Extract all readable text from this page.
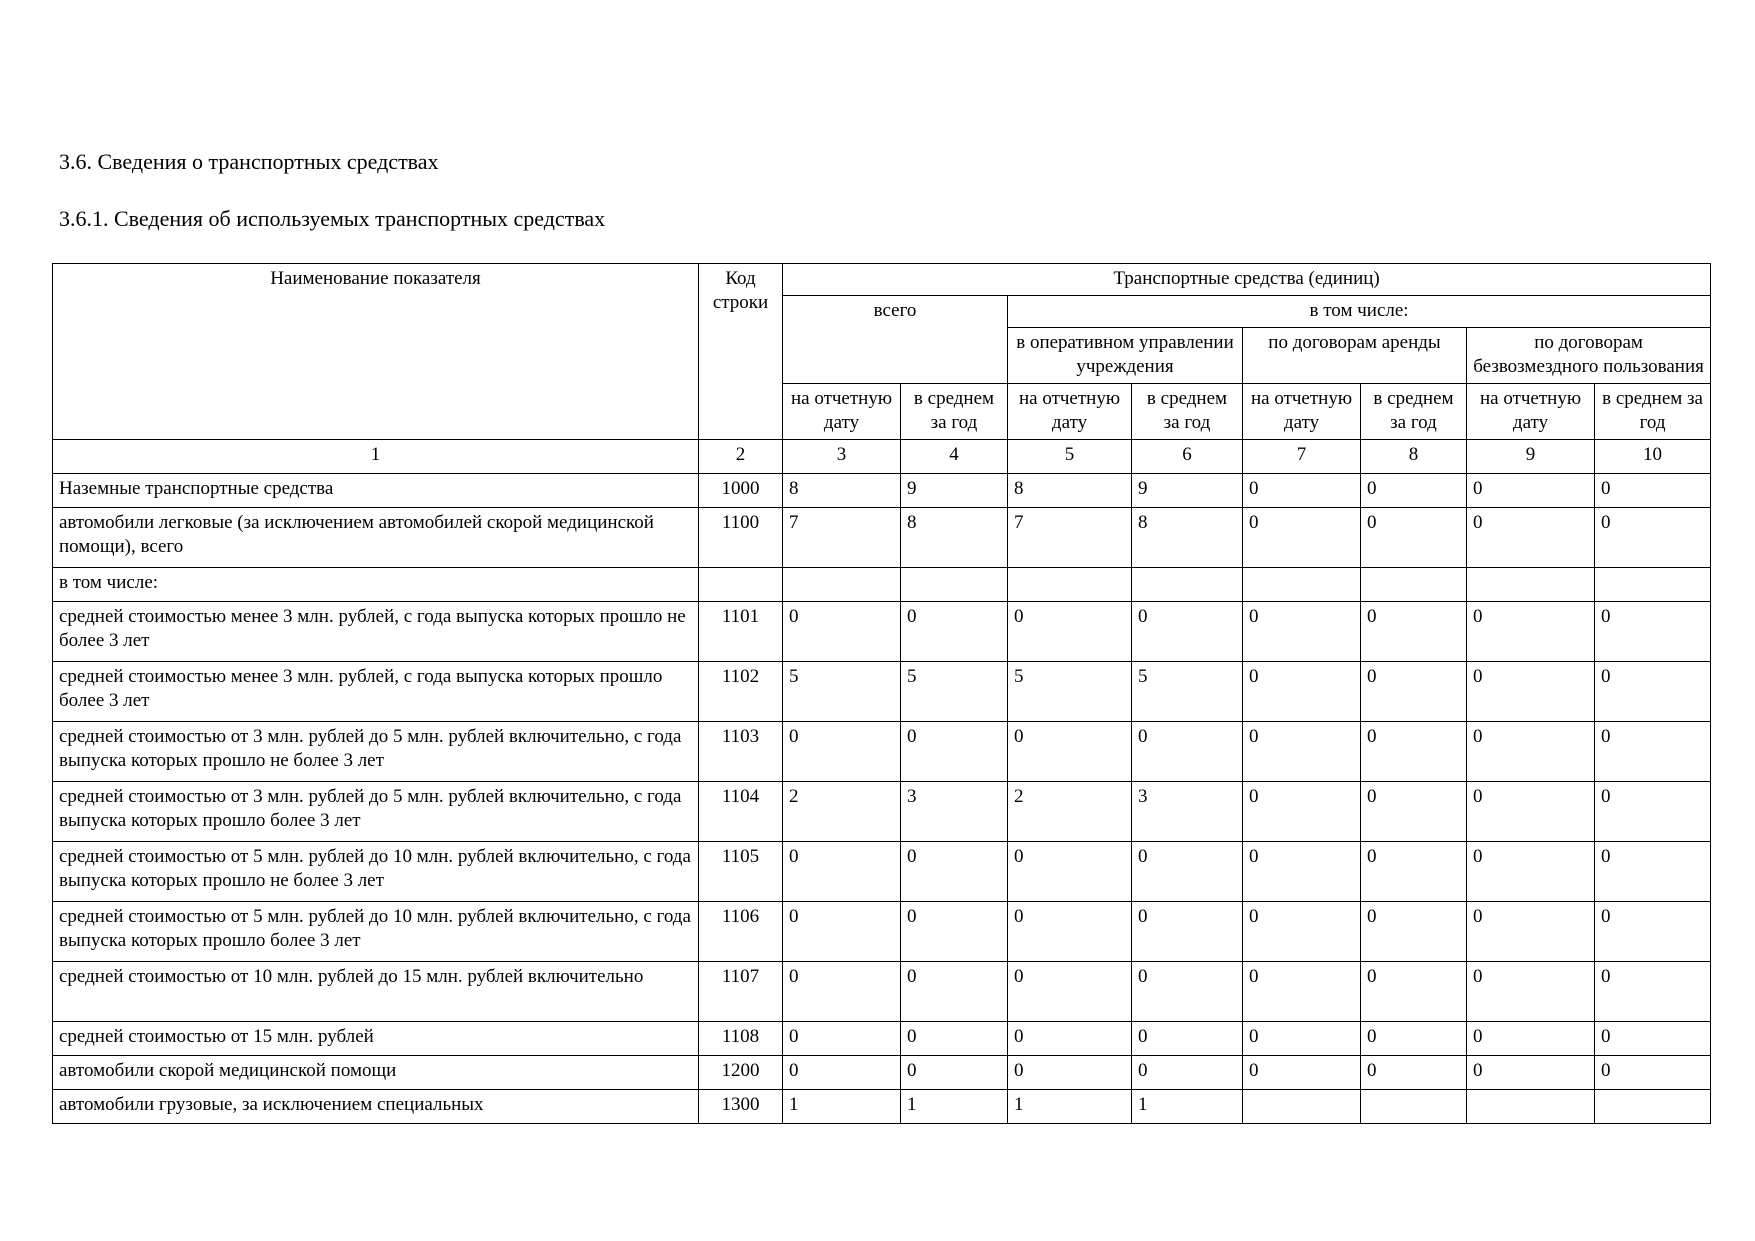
3.6. Сведения о транспортных средствах
3.6.1. Сведения об используемых транспортных средствах
Наименование показателя	Код строки	Транспортные средства (единиц)							
		всего		в том числе:					
				в оперативном управлении учреждения		по договорам аренды		по договорам безвозмездного пользования	
		на отчетную дату	в среднем за год	на отчетную дату	в среднем за год	на отчетную дату	в среднем за год	на отчетную дату	в среднем за год
1	2	3	4	5	6	7	8	9	10
Наземные транспортные средства	1000	8	9	8	9	0	0	0	0
автомобили легковые (за исключением автомобилей скорой медицинской помощи), всего	1100	7	8	7	8	0	0	0	0
в том числе:									
средней стоимостью менее 3 млн. рублей, с года выпуска которых прошло не более 3 лет	1101	0	0	0	0	0	0	0	0
средней стоимостью менее 3 млн. рублей, с года выпуска которых прошло более 3 лет	1102	5	5	5	5	0	0	0	0
средней стоимостью от 3 млн. рублей до 5 млн. рублей включительно, с года выпуска которых прошло не более 3 лет	1103	0	0	0	0	0	0	0	0
средней стоимостью от 3 млн. рублей до 5 млн. рублей включительно, с года выпуска которых прошло более 3 лет	1104	2	3	2	3	0	0	0	0
средней стоимостью от 5 млн. рублей до 10 млн. рублей включительно, с года выпуска которых прошло не более 3 лет	1105	0	0	0	0	0	0	0	0
средней стоимостью от 5 млн. рублей до 10 млн. рублей включительно, с года выпуска которых прошло более 3 лет	1106	0	0	0	0	0	0	0	0
средней стоимостью от 10 млн. рублей до 15 млн. рублей включительно	1107	0	0	0	0	0	0	0	0
средней стоимостью от 15 млн. рублей	1108	0	0	0	0	0	0	0	0
автомобили скорой медицинской помощи	1200	0	0	0	0	0	0	0	0
автомобили грузовые, за исключением специальных	1300	1	1	1	1				
